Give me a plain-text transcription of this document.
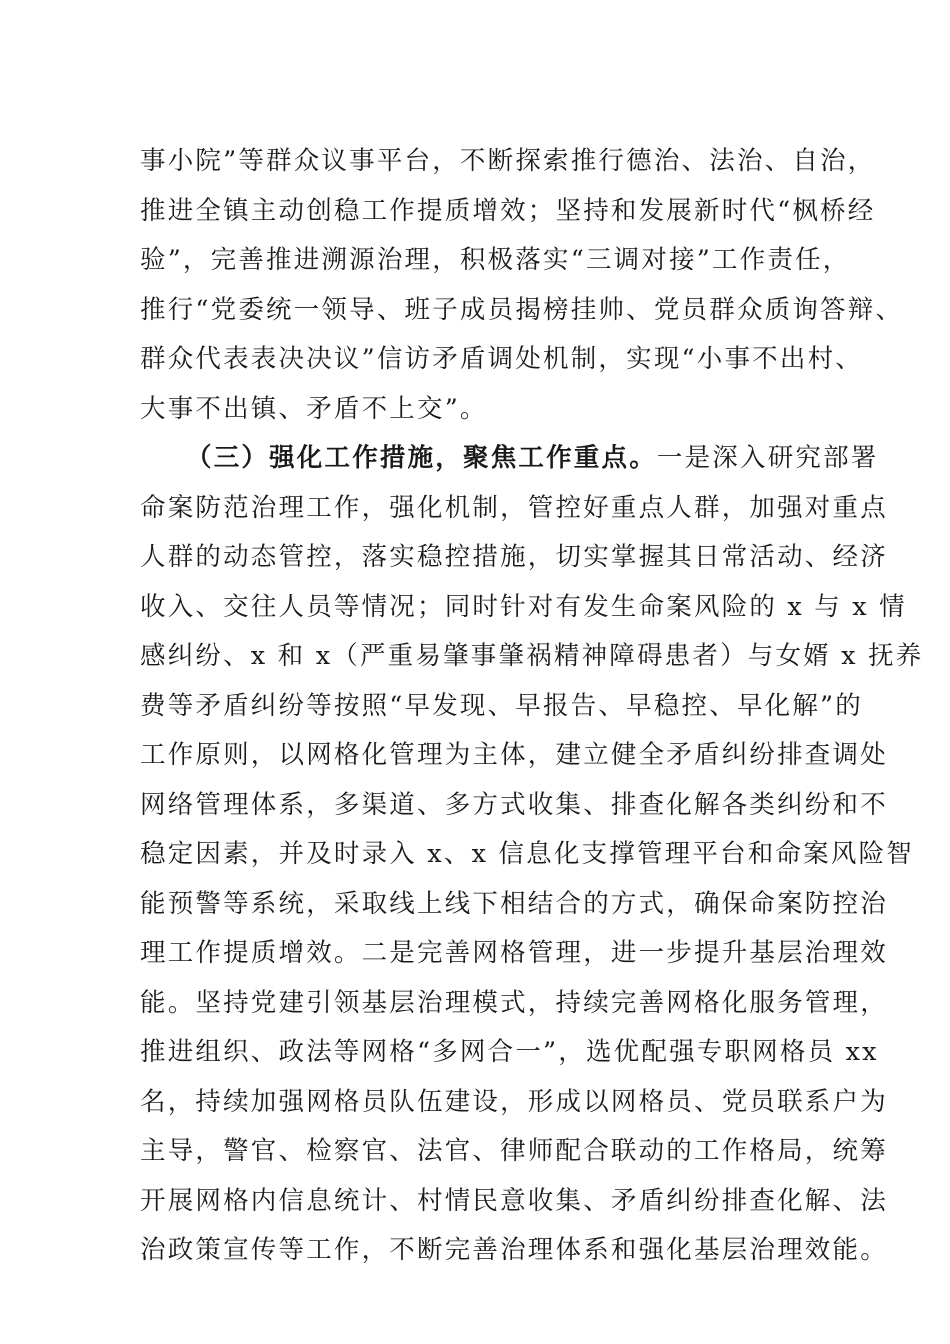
事小院”等群众议事平台，不断探索推行德治、法治、自治，
推进全镇主动创稳工作提质增效；坚持和发展新时代“枫桥经
验”，完善推进溯源治理，积极落实“三调对接”工作责任，
推行“党委统一领导、班子成员揭榜挂帅、党员群众质询答辩、
群众代表表决决议”信访矛盾调处机制，实现“小事不出村、
大事不出镇、矛盾不上交”。
（三）强化工作措施，聚焦工作重点。一是深入研究部署
命案防范治理工作，强化机制，管控好重点人群，加强对重点
人群的动态管控，落实稳控措施，切实掌握其日常活动、经济
收入、交往人员等情况；同时针对有发生命案风险的 x 与 x 情
感纠纷、x 和 x（严重易肇事肇祸精神障碍患者）与女婿 x 抚养
费等矛盾纠纷等按照“早发现、早报告、早稳控、早化解”的
工作原则，以网格化管理为主体，建立健全矛盾纠纷排查调处
网络管理体系，多渠道、多方式收集、排查化解各类纠纷和不
稳定因素，并及时录入 x、x 信息化支撑管理平台和命案风险智
能预警等系统，采取线上线下相结合的方式，确保命案防控治
理工作提质增效。二是完善网格管理，进一步提升基层治理效
能。坚持党建引领基层治理模式，持续完善网格化服务管理，
推进组织、政法等网格“多网合一”，选优配强专职网格员 xx
名，持续加强网格员队伍建设，形成以网格员、党员联系户为
主导，警官、检察官、法官、律师配合联动的工作格局，统筹
开展网格内信息统计、村情民意收集、矛盾纠纷排查化解、法
治政策宣传等工作，不断完善治理体系和强化基层治理效能。
